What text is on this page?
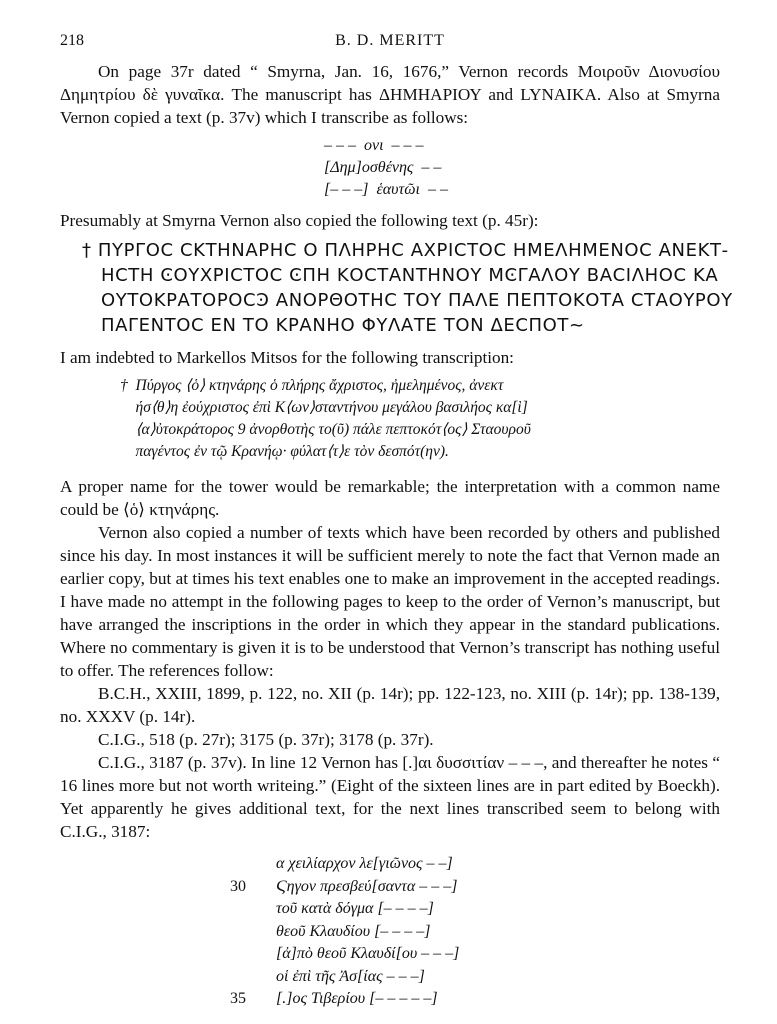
218	B. D. MERITT

On page 37r dated “ Smyrna, Jan. 16, 1676,” Vernon records Μοιροῦν Διονυσίου Δημητρίου δὲ γυναῖκα. The manuscript has ΔΗΜΗΑΡΙΟΥ and LYNAIKA. Also at Smyrna Vernon copied a text (p. 37v) which I transcribe as follows:

– – –  ονι  – – –
[Δημ]οσθένης  – –
[– – –]  ἑαυτῶι  – –

Presumably at Smyrna Vernon also copied the following text (p. 45r):

† ΠΥΡΓΟϹ ϹΚΤΗΝΑΡΗϹ Ο ΠΛΗΡΗϹ ΑΧΡΙϹΤΟϹ ΗΜΕΛΗΜΕΝΟϹ ΑΝΕΚΤ-
ΗϹΤΗ ϾΟΥΧΡΙϹΤΟϹ ϾΠΗ ΚΟϹΤΑΝΤΗΝΟΥ ΜϾΓΑΛΟΥ ΒΑϹΙΛΗΟϹ ΚΑ
ΟΥΤΟΚΡΑΤΟΡΟϹϿ ΑΝΟΡΘΟΤΗϹ ΤΟΥ ΠΑΛΕ ΠΕΠΤΟΚΟΤΑ ϹΤΑΟΥΡΟΥ
ΠΑΓΕΝΤΟϹ ΕΝ ΤΟ ΚΡΑΝΗΟ ΦΥΛΑΤΕ ΤΟΝ ΔΕϹΠΟΤ~

I am indebted to Markellos Mitsos for the following transcription:

†  Πύργος ⟨ὁ⟩ κτηνάρης ὁ πλήρης ἄχριστος, ἠμελημένος, ἀνεκτ
ήσ⟨θ⟩η ἐούχριστος ἐπὶ Κ⟨ων⟩σταντήνου μεγάλου βασιλήος κα[ὶ]
⟨α⟩ὐτοκράτορος 9 ἀνορθοτὴς το(ῦ) πάλε πεπτοκότ⟨ος⟩ Σταουροῦ
παγέντος ἐν τῷ Κρανήῳ· φύλατ⟨τ⟩ε τὸν δεσπότ(ην).

A proper name for the tower would be remarkable; the interpretation with a common name could be ⟨ὁ⟩ κτηνάρης.

Vernon also copied a number of texts which have been recorded by others and published since his day. In most instances it will be sufficient merely to note the fact that Vernon made an earlier copy, but at times his text enables one to make an improvement in the accepted readings. I have made no attempt in the following pages to keep to the order of Vernon’s manuscript, but have arranged the inscriptions in the order in which they appear in the standard publications. Where no commentary is given it is to be understood that Vernon’s transcript has nothing useful to offer. The references follow:

B.C.H., XXIII, 1899, p. 122, no. XII (p. 14r); pp. 122-123, no. XIII (p. 14r); pp. 138-139, no. XXXV (p. 14r).

C.I.G., 518 (p. 27r); 3175 (p. 37r); 3178 (p. 37r).

C.I.G., 3187 (p. 37v). In line 12 Vernon has [.]αι δυσσιτίαν – – –, and thereafter he notes “ 16 lines more but not worth writeing.” (Eight of the sixteen lines are in part edited by Boeckh). Yet apparently he gives additional text, for the next lines transcribed seem to belong with C.I.G., 3187:

α χειλίαρχον λε[γιῶνος – –]
30 Ϛηγον πρεσβεύ[σαντα – – –]
τοῦ κατὰ δόγμα [– – – –]
θεοῦ Κλαυδίου [– – – –]
[ἀ]πὸ θεοῦ Κλαυδί[ου – – –]
οἱ ἐπὶ τῆς Ἀσ[ίας – – –]
35 [.]ος Τιβερίου [– – – – –]
